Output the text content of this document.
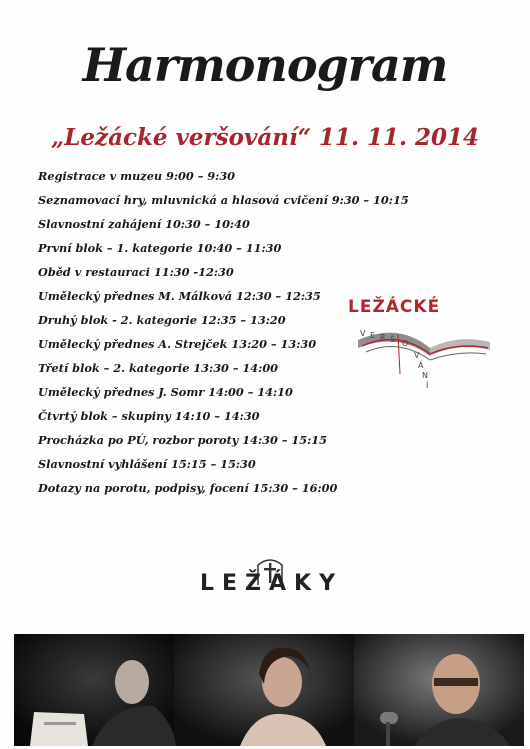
Harmonogram
„Ležácké veršování“ 11. 11. 2014
Registrace v muzeu 9:00 – 9:30
Seznamovací hry, mluvnická a hlasová cvičení 9:30 – 10:15
Slavnostní zahájení 10:30 – 10:40
První blok – 1. kategorie 10:40 – 11:30
Oběd v restauraci 11:30 -12:30
Umělecký přednes M. Málková 12:30 – 12:35
Druhý blok - 2. kategorie 12:35 – 13:20
Umělecký přednes A. Strejček 13:20 – 13:30
Třetí blok – 2. kategorie 13:30 – 14:00
Umělecký přednes J. Somr 14:00 – 14:10
Čtvrtý blok – skupiny 14:10 – 14:30
Procházka po PÚ, rozbor poroty 14:30 – 15:15
Slavnostní vyhlášení 15:15 – 15:30
Dotazy na porotu, podpisy, focení 15:30 – 16:00
LEŽÁCKÉ
V E R Š O
V
Á
N
Í
LEŽÁKY
